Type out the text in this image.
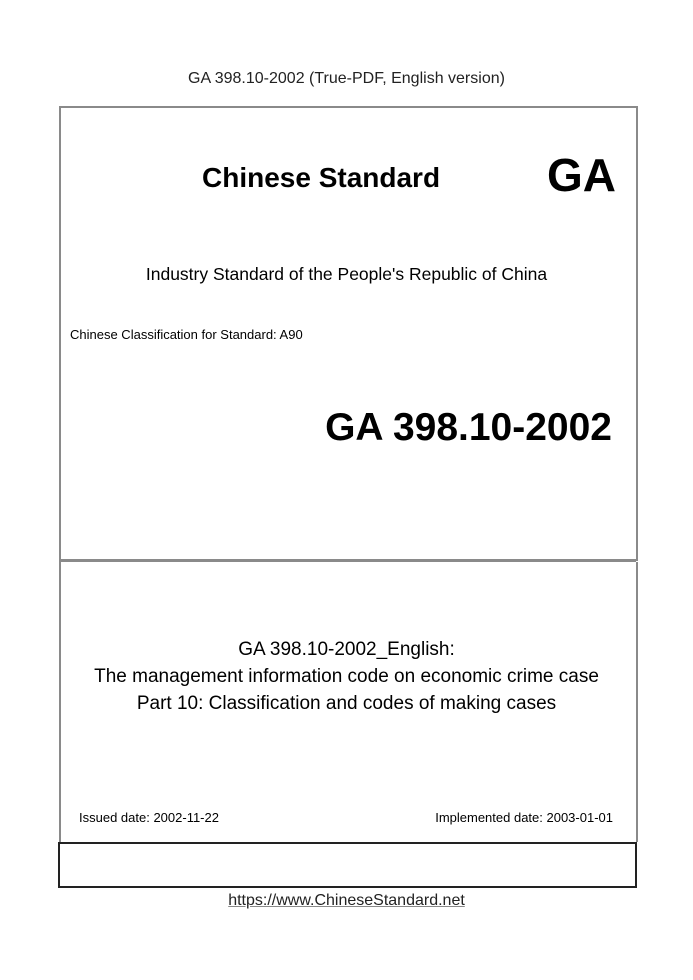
GA 398.10-2002 (True-PDF, English version)
Chinese Standard GA
Industry Standard of the People's Republic of China
Chinese Classification for Standard: A90
GA 398.10-2002
GA 398.10-2002_English:
The management information code on economic crime case
Part 10: Classification and codes of making cases
Issued date: 2002-11-22	Implemented date: 2003-01-01
https://www.ChineseStandard.net
